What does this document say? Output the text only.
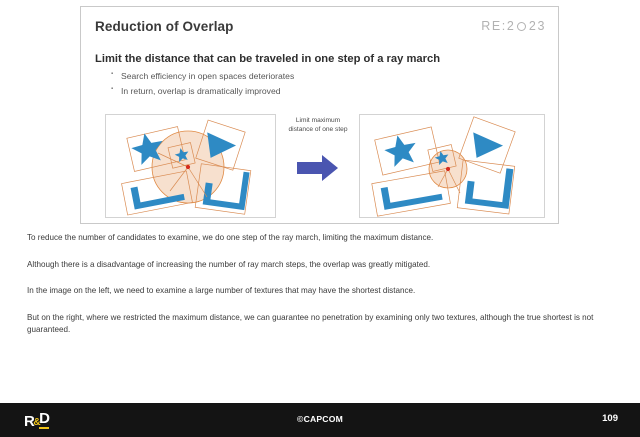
Reduction of Overlap	RE:2 23
Limit the distance that can be traveled in one step of a ray march
▪ Search efficiency in open spaces deteriorates
▪ In return, overlap is dramatically improved
Limit maximum
distance of one step

To reduce the number of candidates to examine, we do one step of the ray march, limiting the maximum distance.

Although there is a disadvantage of increasing the number of ray march steps, the overlap was greatly mitigated.

In the image on the left, we need to examine a large number of textures that may have the shortest distance.

But on the right, where we restricted the maximum distance, we can guarantee no penetration by examining only two textures, although the true shortest is not guaranteed.

R & D	©CAPCOM	109
